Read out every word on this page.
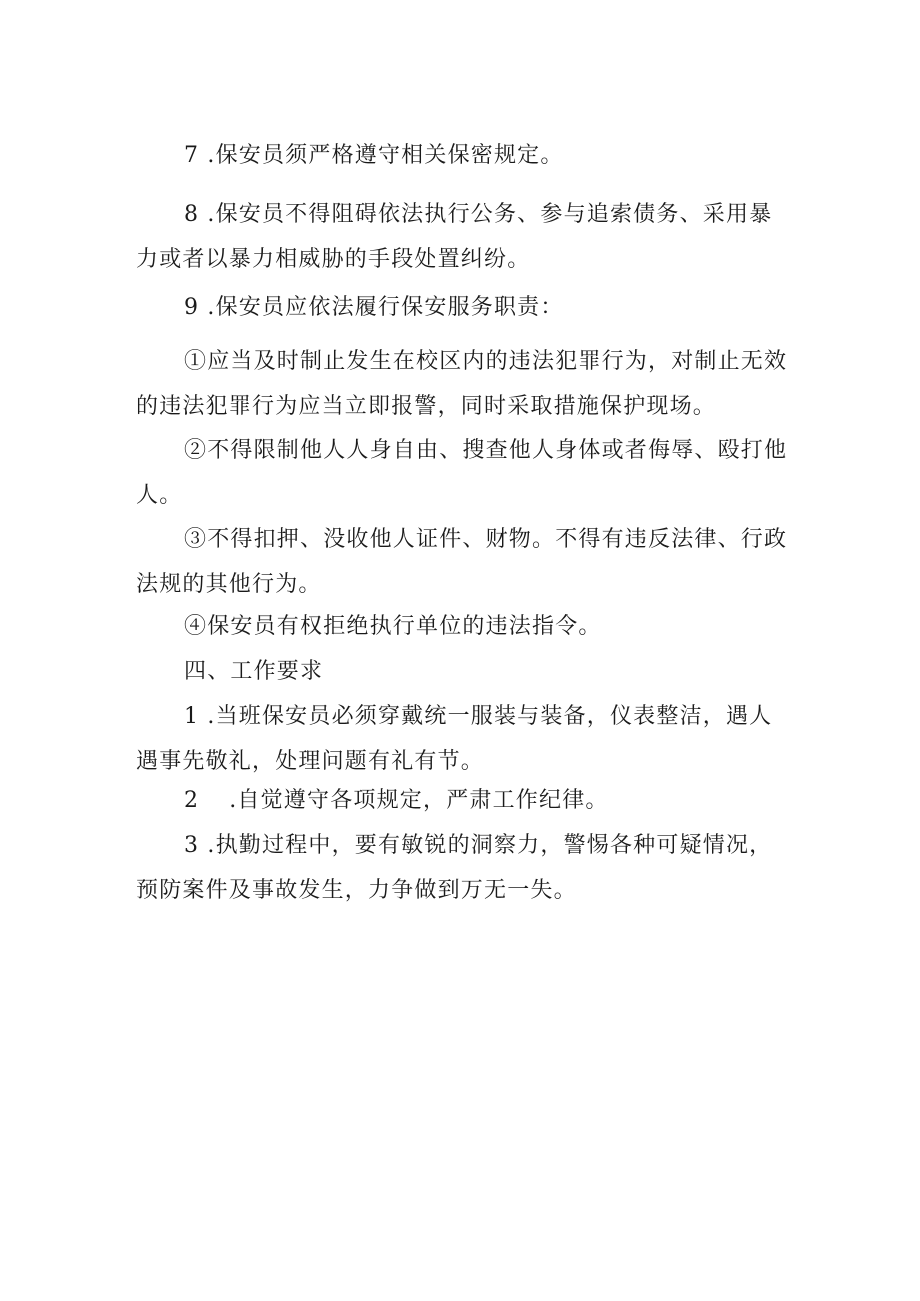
7 .保安员须严格遵守相关保密规定。

8 .保安员不得阻碍依法执行公务、参与追索债务、采用暴力或者以暴力相威胁的手段处置纠纷。

9 .保安员应依法履行保安服务职责：

①应当及时制止发生在校区内的违法犯罪行为，对制止无效的违法犯罪行为应当立即报警，同时采取措施保护现场。

②不得限制他人人身自由、搜查他人身体或者侮辱、殴打他人。

③不得扣押、没收他人证件、财物。不得有违反法律、行政法规的其他行为。

④保安员有权拒绝执行单位的违法指令。

四、工作要求

1 .当班保安员必须穿戴统一服装与装备，仪表整洁，遇人遇事先敬礼，处理问题有礼有节。

2 .自觉遵守各项规定，严肃工作纪律。

3 .执勤过程中，要有敏锐的洞察力，警惕各种可疑情况，预防案件及事故发生，力争做到万无一失。
